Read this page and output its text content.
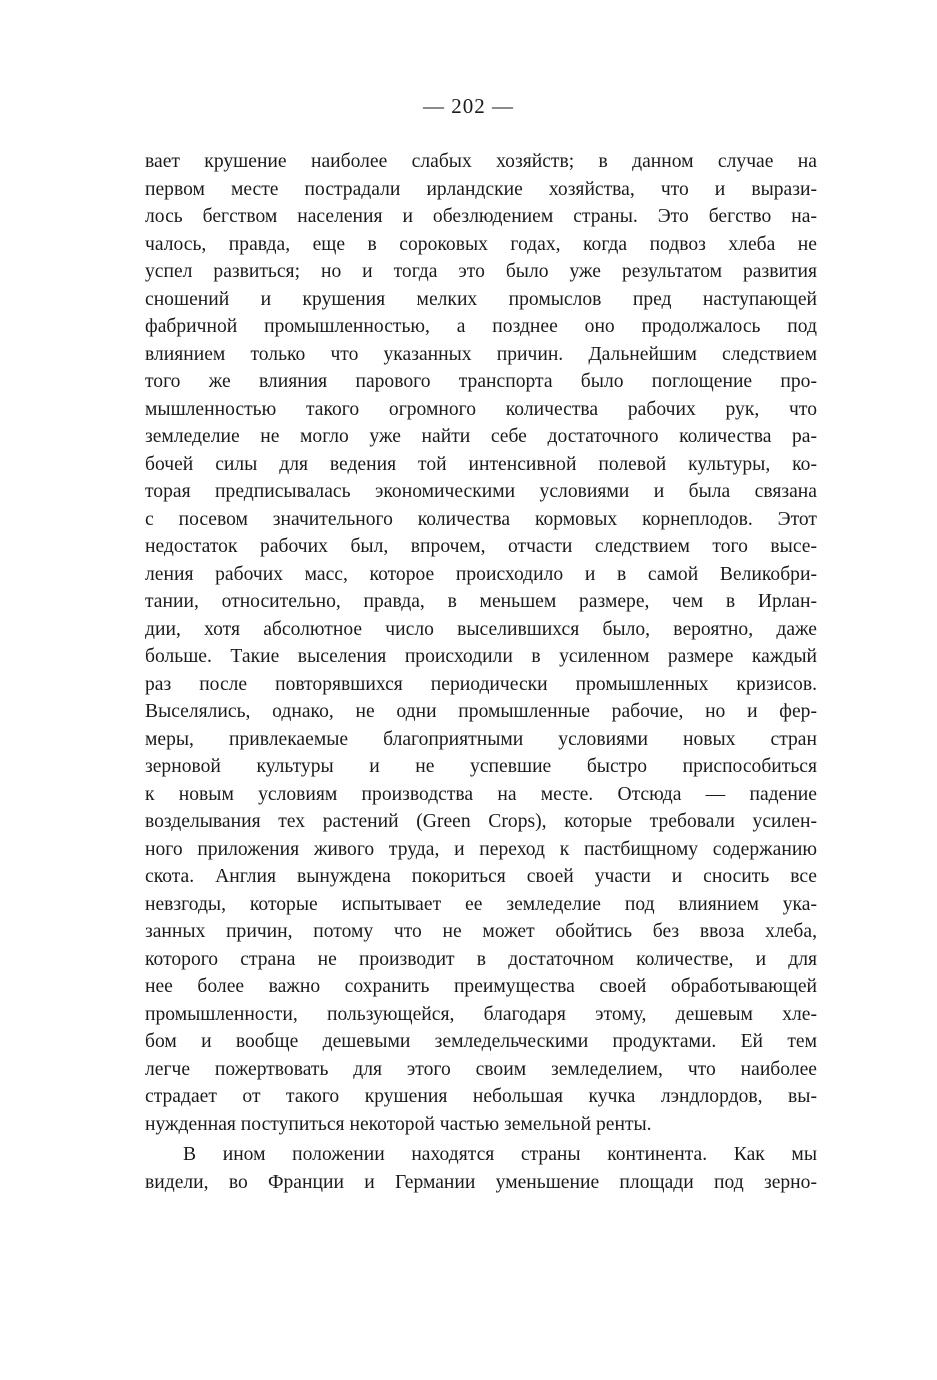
— 202 —
вает крушение наиболее слабых хозяйств; в данном случае на
первом месте пострадали ирландские хозяйства, что и вырази-
лось бегством населения и обезлюдением страны. Это бегство на-
чалось, правда, еще в сороковых годах, когда подвоз хлеба не
успел развиться; но и тогда это было уже результатом развития
сношений и крушения мелких промыслов пред наступающей
фабричной промышленностью, а позднее оно продолжалось под
влиянием только что указанных причин. Дальнейшим следствием
того же влияния парового транспорта было поглощение про-
мышленностью такого огромного количества рабочих рук, что
земледелие не могло уже найти себе достаточного количества ра-
бочей силы для ведения той интенсивной полевой культуры, ко-
торая предписывалась экономическими условиями и была связана
с посевом значительного количества кормовых корнеплодов. Этот
недостаток рабочих был, впрочем, отчасти следствием того высе-
ления рабочих масс, которое происходило и в самой Великобри-
тании, относительно, правда, в меньшем размере, чем в Ирлан-
дии, хотя абсолютное число выселившихся было, вероятно, даже
больше. Такие выселения происходили в усиленном размере каждый
раз после повторявшихся периодически промышленных кризисов.
Выселялись, однако, не одни промышленные рабочие, но и фер-
меры, привлекаемые благоприятными условиями новых стран
зерновой культуры и не успевшие быстро приспособиться
к новым условиям производства на месте. Отсюда — падение
возделывания тех растений (Green Crops), которые требовали усилен-
ного приложения живого труда, и переход к пастбищному содержанию
скота. Англия вынуждена покориться своей участи и сносить все
невзгоды, которые испытывает ее земледелие под влиянием ука-
занных причин, потому что не может обойтись без ввоза хлеба,
которого страна не производит в достаточном количестве, и для
нее более важно сохранить преимущества своей обработывающей
промышленности, пользующейся, благодаря этому, дешевым хле-
бом и вообще дешевыми земледельческими продуктами. Ей тем
легче пожертвовать для этого своим земледелием, что наиболее
страдает от такого крушения небольшая кучка лэндлордов, вы-
нужденная поступиться некоторой частью земельной ренты.
В ином положении находятся страны континента. Как мы
видели, во Франции и Германии уменьшение площади под зерно-
